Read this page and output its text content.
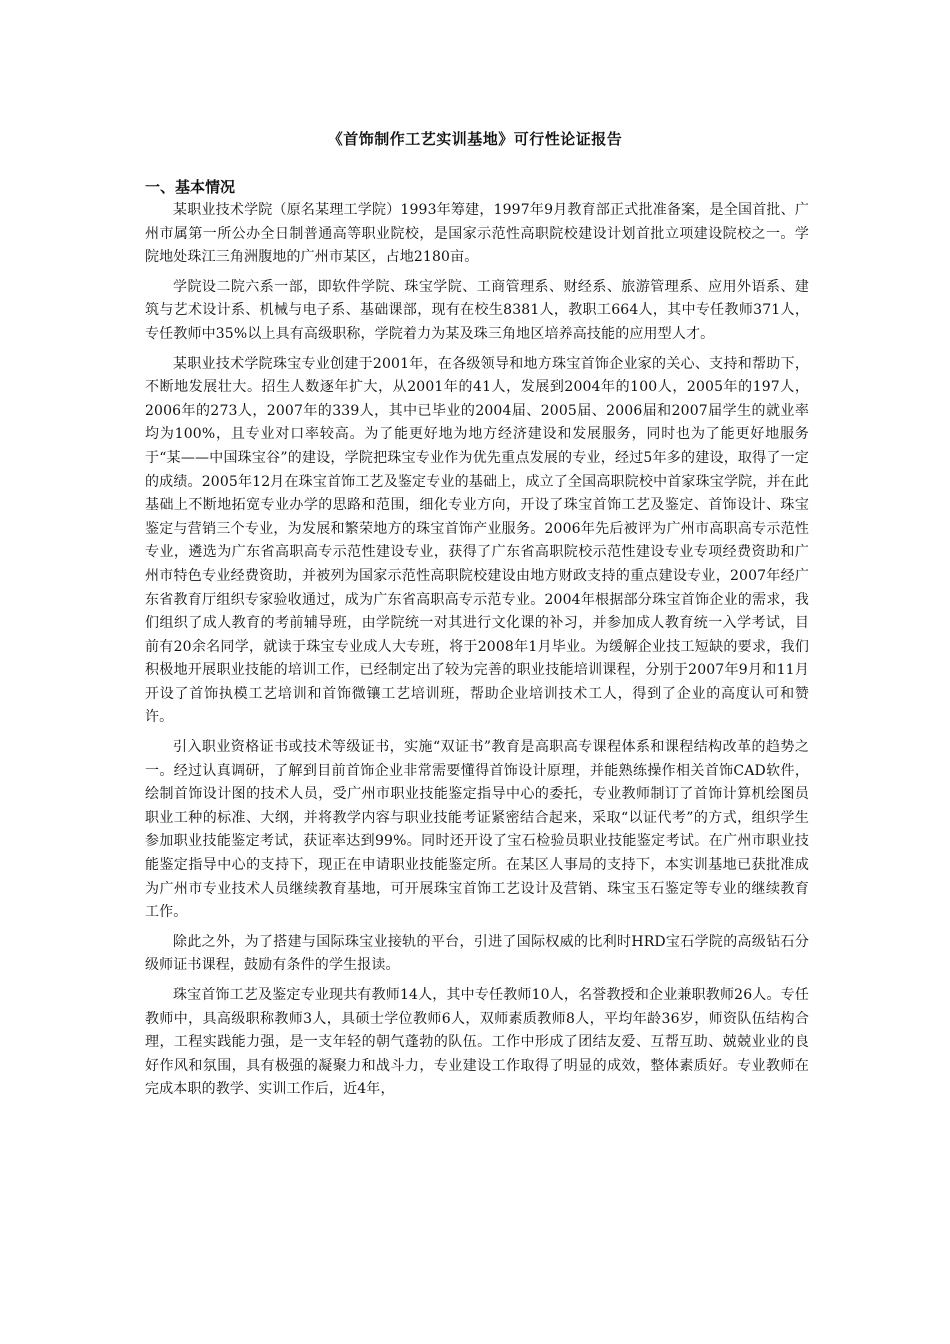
《首饰制作工艺实训基地》可行性论证报告
一、基本情况

某职业技术学院（原名某理工学院）1993年筹建，1997年9月教育部正式批准备案，是全国首批、广州市属第一所公办全日制普通高等职业院校，是国家示范性高职院校建设计划首批立项建设院校之一。学院地处珠江三角洲腹地的广州市某区，占地2180亩。

学院设二院六系一部，即软件学院、珠宝学院、工商管理系、财经系、旅游管理系、应用外语系、建筑与艺术设计系、机械与电子系、基础课部，现有在校生8381人，教职工664人，其中专任教师371人，专任教师中35%以上具有高级职称，学院着力为某及珠三角地区培养高技能的应用型人才。

某职业技术学院珠宝专业创建于2001年，在各级领导和地方珠宝首饰企业家的关心、支持和帮助下，不断地发展壮大。招生人数逐年扩大，从2001年的41人，发展到2004年的100人，2005年的197人，2006年的273人，2007年的339人，其中已毕业的2004届、2005届、2006届和2007届学生的就业率均为100%，且专业对口率较高。为了能更好地为地方经济建设和发展服务，同时也为了能更好地服务于“某——中国珠宝谷”的建设，学院把珠宝专业作为优先重点发展的专业，经过5年多的建设，取得了一定的成绩。2005年12月在珠宝首饰工艺及鉴定专业的基础上，成立了全国高职院校中首家珠宝学院，并在此基础上不断地拓宽专业办学的思路和范围，细化专业方向，开设了珠宝首饰工艺及鉴定、首饰设计、珠宝鉴定与营销三个专业，为发展和繁荣地方的珠宝首饰产业服务。2006年先后被评为广州市高职高专示范性专业，遴选为广东省高职高专示范性建设专业，获得了广东省高职院校示范性建设专业专项经费资助和广州市特色专业经费资助，并被列为国家示范性高职院校建设由地方财政支持的重点建设专业，2007年经广东省教育厅组织专家验收通过，成为广东省高职高专示范专业。2004年根据部分珠宝首饰企业的需求，我们组织了成人教育的考前辅导班，由学院统一对其进行文化课的补习，并参加成人教育统一入学考试，目前有20余名同学，就读于珠宝专业成人大专班，将于2008年1月毕业。为缓解企业技工短缺的要求，我们积极地开展职业技能的培训工作，已经制定出了较为完善的职业技能培训课程，分别于2007年9月和11月开设了首饰执模工艺培训和首饰微镶工艺培训班，帮助企业培训技术工人，得到了企业的高度认可和赞许。

引入职业资格证书或技术等级证书，实施“双证书”教育是高职高专课程体系和课程结构改革的趋势之一。经过认真调研，了解到目前首饰企业非常需要懂得首饰设计原理，并能熟练操作相关首饰CAD软件，绘制首饰设计图的技术人员，受广州市职业技能鉴定指导中心的委托，专业教师制订了首饰计算机绘图员职业工种的标准、大纲，并将教学内容与职业技能考证紧密结合起来，采取“以证代考”的方式，组织学生参加职业技能鉴定考试，获证率达到99%。同时还开设了宝石检验员职业技能鉴定考试。在广州市职业技能鉴定指导中心的支持下，现正在申请职业技能鉴定所。在某区人事局的支持下，本实训基地已获批准成为广州市专业技术人员继续教育基地，可开展珠宝首饰工艺设计及营销、珠宝玉石鉴定等专业的继续教育工作。

除此之外，为了搭建与国际珠宝业接轨的平台，引进了国际权威的比利时HRD宝石学院的高级钻石分级师证书课程，鼓励有条件的学生报读。

珠宝首饰工艺及鉴定专业现共有教师14人，其中专任教师10人，名誉教授和企业兼职教师26人。专任教师中，具高级职称教师3人，具硕士学位教师6人，双师素质教师8人，平均年龄36岁，师资队伍结构合理，工程实践能力强，是一支年轻的朝气蓬勃的队伍。工作中形成了团结友爱、互帮互助、兢兢业业的良好作风和氛围，具有极强的凝聚力和战斗力，专业建设工作取得了明显的成效，整体素质好。专业教师在完成本职的教学、实训工作后，近4年，
